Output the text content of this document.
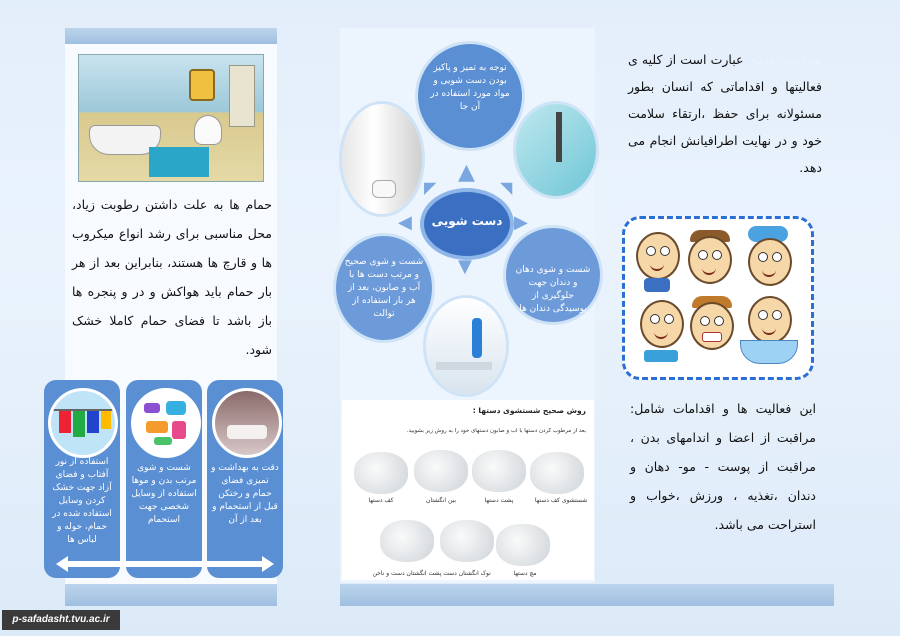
حمام ها به علت داشتن رطوبت زیاد، محل مناسبی برای رشد انواع میکروب ها و قارچ ها هستند، بنابراین بعد از هر بار حمام باید هواکش و در و پنجره ها باز باشد تا فضای حمام کاملا خشک شود.
استفاده از نور آفتاب و فضای آزاد جهت خشک کردن وسایل استفاده شده در حمام، حوله و لباس ها
شست و شوی مرتب بدن و موها استفاده از وسایل شخصی جهت استحمام
دقت به بهداشت و تمیزی فضای حمام و رختکن قبل از استحمام و بعد از آن
توجه به تمیز و پاکیز بودن دست شویی و مواد مورد استفاده در آن جا
دست شویی
▲
◤	◥
◀	▶
▼
شست و شوی صحیح و مرتب دست ها با آب و صابون، بعد از هر بار استفاده از توالت
شست و شوی دهان و دندان جهت جلوگیری از پوسیدگی دندان ها
روش صحیح شستشوی دستها :
بعد از مرطوب کردن دستها با آب و صابون دستهای خود را به روش زیر بشویید.
شستشوی کف دستها
پشت دستها
بین انگشتان
کف دستها
مچ دستها
نوک انگشتان دست
پشت انگشتان دست و ناخن
بهداشت فردی عبارت است از کلیه ی فعالیتها و اقداماتی که انسان بطور مسئولانه برای حفظ ،ارتقاء سلامت خود و در نهایت اطرافیانش انجام می دهد.
این فعالیت ها و اقدامات شامل: مراقبت از اعضا و اندامهای بدن ، مراقبت از پوست - مو- دهان و دندان ،تغذیه ، ورزش ،خواب و استراحت می باشد.
p-safadasht.tvu.ac.ir
